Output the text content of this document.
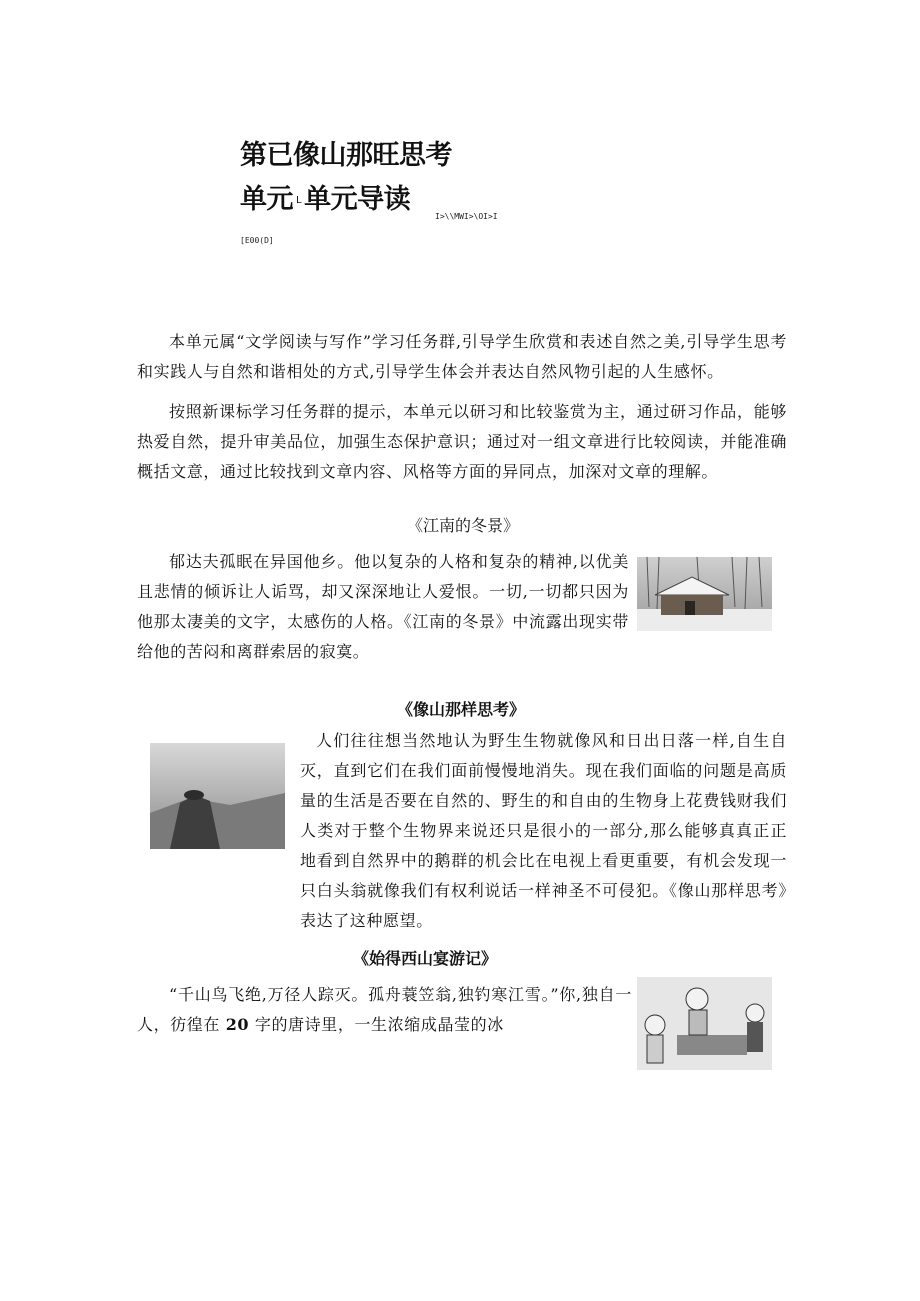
第已像山那旺思考
单元 L 单元导读
I>\\MWI>\OI>I
[E00(D]

本单元属“文学阅读与写作”学习任务群,引导学生欣赏和表述自然之美,引导学生思考和实践人与自然和谐相处的方式,引导学生体会并表达自然风物引起的人生感怀。

按照新课标学习任务群的提示，本单元以研习和比较鉴赏为主，通过研习作品，能够热爱自然，提升审美品位，加强生态保护意识；通过对一组文章进行比较阅读，并能准确概括文意，通过比较找到文章内容、风格等方面的异同点，加深对文章的理解。

《江南的冬景》

郁达夫孤眠在异国他乡。他以复杂的人格和复杂的精神,以优美且悲情的倾诉让人诟骂，却又深深地让人爱恨。一切,一切都只因为他那太凄美的文字，太感伤的人格。《江南的冬景》中流露出现实带给他的苦闷和离群索居的寂寞。

《像山那样思考》

人们往往想当然地认为野生生物就像风和日出日落一样,自生自灭，直到它们在我们面前慢慢地消失。现在我们面临的问题是高质量的生活是否要在自然的、野生的和自由的生物身上花费钱财我们人类对于整个生物界来说还只是很小的一部分,那么能够真真正正地看到自然界中的鹅群的机会比在电视上看更重要，有机会发现一只白头翁就像我们有权利说话一样神圣不可侵犯。《像山那样思考》表达了这种愿望。

《始得西山宴游记》

“千山鸟飞绝,万径人踪灭。孤舟蓑笠翁,独钓寒江雪。”你,独自一人，彷徨在 20 字的唐诗里，一生浓缩成晶莹的冰
